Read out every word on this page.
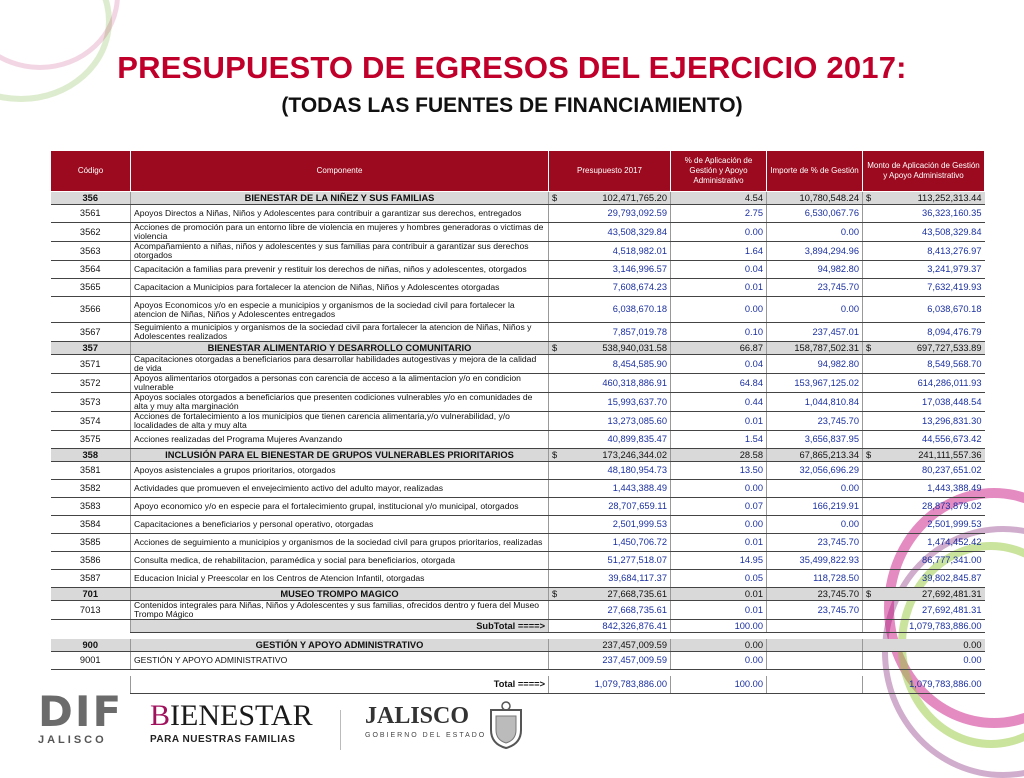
PRESUPUESTO DE EGRESOS DEL EJERCICIO 2017:
(TODAS LAS FUENTES DE FINANCIAMIENTO)
Código	Componente	Presupuesto 2017	% de Aplicación de Gestión y Apoyo Administrativo	Importe de % de Gestión	Monto de Aplicación de Gestión y Apoyo Administrativo
356	BIENESTAR DE LA NIÑEZ Y SUS FAMILIAS	$ 102,471,765.20	4.54	10,780,548.24	$ 113,252,313.44
3561	Apoyos Directos a Niñas, Niños y Adolescentes para contribuir a garantizar sus derechos, entregados	29,793,092.59	2.75	6,530,067.76	36,323,160.35
3562	Acciones de promoción para un entorno libre de violencia en mujeres y hombres generadoras o victimas de violencia	43,508,329.84	0.00	0.00	43,508,329.84
3563	Acompañamiento a niñas, niños y adolescentes y sus familias para contribuir a garantizar sus derechos otorgados	4,518,982.01	1.64	3,894,294.96	8,413,276.97
3564	Capacitación a familias para prevenir y restituir los derechos de niñas, niños y adolescentes, otorgados	3,146,996.57	0.04	94,982.80	3,241,979.37
3565	Capacitacion a Municipios para fortalecer la atencion de Niñas, Niños y Adolescentes otorgadas	7,608,674.23	0.01	23,745.70	7,632,419.93
3566	Apoyos Economicos y/o en especie a municipios y organismos de la sociedad civil para fortalecer la atencion de Niñas, Niños y Adolescentes entregados	6,038,670.18	0.00	0.00	6,038,670.18
3567	Seguimiento a municipios y organismos de la sociedad civil para fortalecer la atencion de Niñas, Niños y Adolescentes realizados	7,857,019.78	0.10	237,457.01	8,094,476.79
357	BIENESTAR ALIMENTARIO Y DESARROLLO COMUNITARIO	$ 538,940,031.58	66.87	158,787,502.31	$ 697,727,533.89
3571	Capacitaciones otorgadas a beneficiarios para desarrollar habilidades autogestivas y mejora de la calidad de vida	8,454,585.90	0.04	94,982.80	8,549,568.70
3572	Apoyos alimentarios otorgados a personas con carencia de acceso a la alimentacion y/o en condicion vulnerable	460,318,886.91	64.84	153,967,125.02	614,286,011.93
3573	Apoyos sociales otorgados a beneficiarios que presenten codiciones vulnerables y/o en comunidades de alta y muy alta marginación	15,993,637.70	0.44	1,044,810.84	17,038,448.54
3574	Acciones de fortalecimiento a los municipios que tienen carencia alimentaria,y/o vulnerabilidad, y/o localidades de alta y muy alta	13,273,085.60	0.01	23,745.70	13,296,831.30
3575	Acciones realizadas del Programa Mujeres Avanzando	40,899,835.47	1.54	3,656,837.95	44,556,673.42
358	INCLUSIÓN PARA EL BIENESTAR DE GRUPOS VULNERABLES PRIORITARIOS	$ 173,246,344.02	28.58	67,865,213.34	$ 241,111,557.36
3581	Apoyos asistenciales a grupos prioritarios, otorgados	48,180,954.73	13.50	32,056,696.29	80,237,651.02
3582	Actividades que promueven el envejecimiento activo del adulto mayor, realizadas	1,443,388.49	0.00	0.00	1,443,388.49
3583	Apoyo economico y/o en especie para el fortalecimiento grupal, institucional y/o municipal, otorgados	28,707,659.11	0.07	166,219.91	28,873,879.02
3584	Capacitaciones a beneficiarios y personal operativo, otorgadas	2,501,999.53	0.00	0.00	2,501,999.53
3585	Acciones de seguimiento a municipios y organismos de la sociedad civil para grupos prioritarios, realizadas	1,450,706.72	0.01	23,745.70	1,474,452.42
3586	Consulta medica, de rehabilitacion, paramédica y social para beneficiarios, otorgada	51,277,518.07	14.95	35,499,822.93	86,777,341.00
3587	Educacion Inicial y Preescolar en los Centros de Atencion Infantil, otorgadas	39,684,117.37	0.05	118,728.50	39,802,845.87
701	MUSEO TROMPO MAGICO	$ 27,668,735.61	0.01	23,745.70	$ 27,692,481.31
7013	Contenidos integrales para Niñas, Niños y Adolescentes y sus familias, ofrecidos dentro y fuera del Museo Trompo Mágico	27,668,735.61	0.01	23,745.70	27,692,481.31
	SubTotal ====>	842,326,876.41	100.00		1,079,783,886.00

900	GESTIÓN Y APOYO ADMINISTRATIVO	237,457,009.59	0.00		0.00
9001	GESTIÓN Y APOYO ADMINISTRATIVO	237,457,009.59	0.00		0.00

	Total ====>	1,079,783,886.00	100.00		1,079,783,886.00
DIF
JALISCO
BIENESTAR
PARA NUESTRAS FAMILIAS
JALISCO
GOBIERNO DEL ESTADO
